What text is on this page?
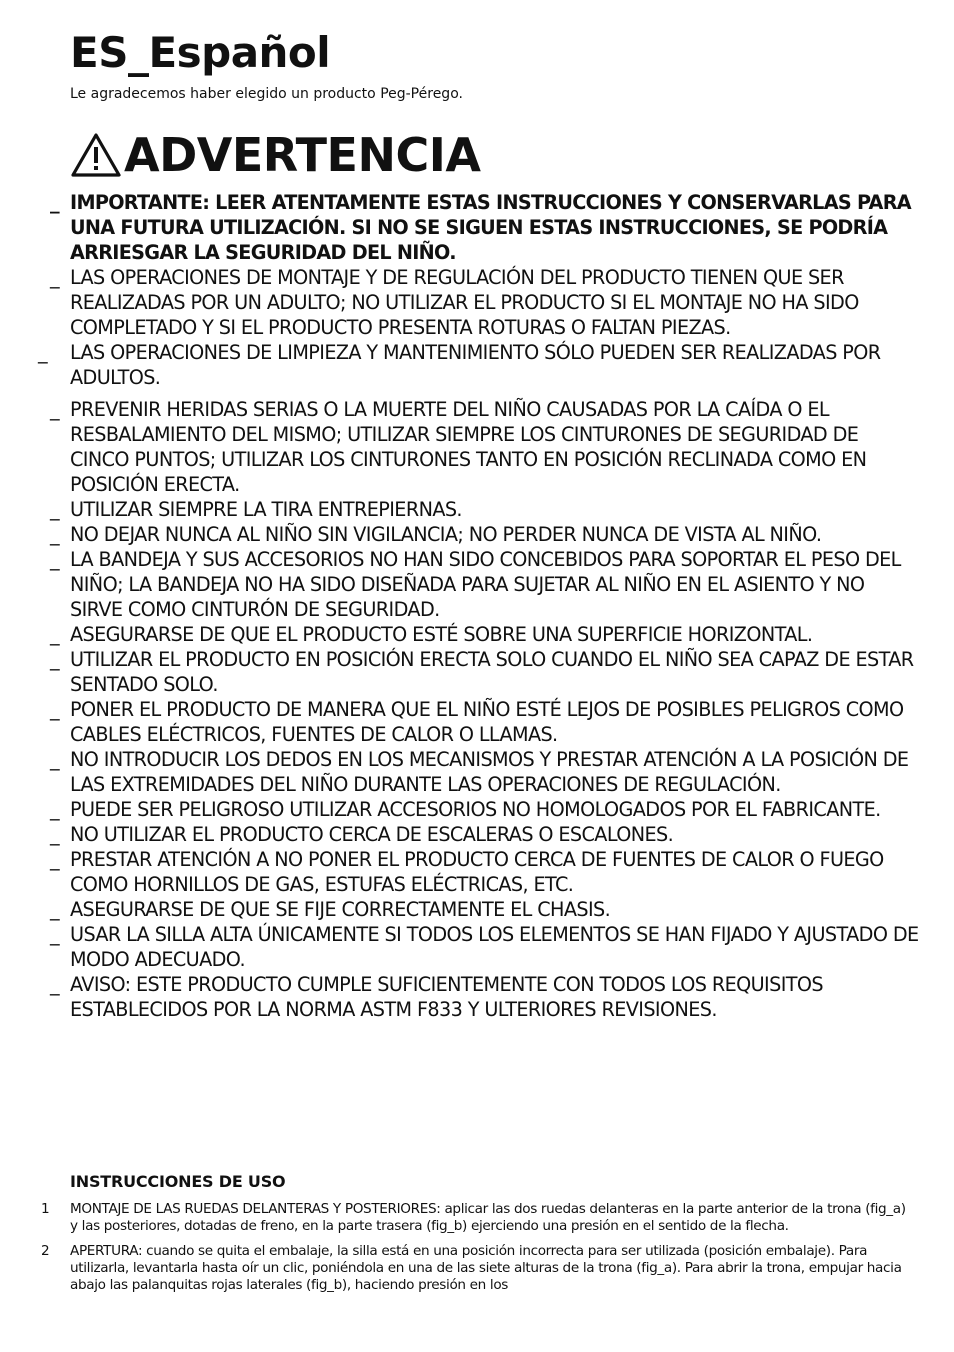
ES_Español

Le agradecemos haber elegido un producto Peg-Pérego.

ADVERTENCIA
_ IMPORTANTE: LEER ATENTAMENTE ESTAS INSTRUCCIONES Y CONSERVARLAS PARA UNA FUTURA UTILIZACIÓN. SI NO SE SIGUEN ESTAS INSTRUCCIONES, SE PODRÍA ARRIESGAR LA SEGURIDAD DEL NIÑO.
_ LAS OPERACIONES DE MONTAJE Y DE REGULACIÓN DEL PRODUCTO TIENEN QUE SER REALIZADAS POR UN ADULTO; NO UTILIZAR EL PRODUCTO SI EL MONTAJE NO HA SIDO COMPLETADO Y SI EL PRODUCTO PRESENTA ROTURAS O FALTAN PIEZAS.
_ LAS OPERACIONES DE LIMPIEZA Y MANTENIMIENTO SÓLO PUEDEN SER REALIZADAS POR ADULTOS.
_ PREVENIR HERIDAS SERIAS O LA MUERTE DEL NIÑO CAUSADAS POR LA CAÍDA O EL RESBALAMIENTO DEL MISMO; UTILIZAR SIEMPRE LOS CINTURONES DE SEGURIDAD DE CINCO PUNTOS; UTILIZAR LOS CINTURONES TANTO EN POSICIÓN RECLINADA COMO EN POSICIÓN ERECTA.
_ UTILIZAR SIEMPRE LA TIRA ENTREPIERNAS.
_ NO DEJAR NUNCA AL NIÑO SIN VIGILANCIA; NO PERDER NUNCA DE VISTA AL NIÑO.
_ LA BANDEJA Y SUS ACCESORIOS NO HAN SIDO CONCEBIDOS PARA SOPORTAR EL PESO DEL NIÑO; LA BANDEJA NO HA SIDO DISEÑADA PARA SUJETAR AL NIÑO EN EL ASIENTO Y NO SIRVE COMO CINTURÓN DE SEGURIDAD.
_ ASEGURARSE DE QUE EL PRODUCTO ESTÉ SOBRE UNA SUPERFICIE HORIZONTAL.
_ UTILIZAR EL PRODUCTO EN POSICIÓN ERECTA SOLO CUANDO EL NIÑO SEA CAPAZ DE ESTAR SENTADO SOLO.
_ PONER EL PRODUCTO DE MANERA QUE EL NIÑO ESTÉ LEJOS DE POSIBLES PELIGROS COMO CABLES ELÉCTRICOS, FUENTES DE CALOR O LLAMAS.
_ NO INTRODUCIR LOS DEDOS EN LOS MECANISMOS Y PRESTAR ATENCIÓN A LA POSICIÓN DE LAS EXTREMIDADES DEL NIÑO DURANTE LAS OPERACIONES DE REGULACIÓN.
_ PUEDE SER PELIGROSO UTILIZAR ACCESORIOS NO HOMOLOGADOS POR EL FABRICANTE.
_ NO UTILIZAR EL PRODUCTO CERCA DE ESCALERAS O ESCALONES.
_ PRESTAR ATENCIÓN A NO PONER EL PRODUCTO CERCA DE FUENTES DE CALOR O FUEGO COMO HORNILLOS DE GAS, ESTUFAS ELÉCTRICAS, ETC.
_ ASEGURARSE DE QUE SE FIJE CORRECTAMENTE EL CHASIS.
_ USAR LA SILLA ALTA ÚNICAMENTE SI TODOS LOS ELEMENTOS SE HAN FIJADO Y AJUSTADO DE MODO ADECUADO.
_ AVISO: ESTE PRODUCTO CUMPLE SUFICIENTEMENTE CON TODOS LOS REQUISITOS ESTABLECIDOS POR LA NORMA ASTM F833 Y ULTERIORES REVISIONES.
INSTRUCCIONES DE USO
1 MONTAJE DE LAS RUEDAS DELANTERAS Y POSTERIORES: aplicar las dos ruedas delanteras en la parte anterior de la trona (fig_a) y las posteriores, dotadas de freno, en la parte trasera (fig_b) ejerciendo una presión en el sentido de la flecha.
2 APERTURA: cuando se quita el embalaje, la silla está en una posición incorrecta para ser utilizada (posición embalaje). Para utilizarla, levantarla hasta oír un clic, poniéndola en una de las siete alturas de la trona (fig_a). Para abrir la trona, empujar hacia abajo las palanquitas rojas laterales (fig_b), haciendo presión en los
